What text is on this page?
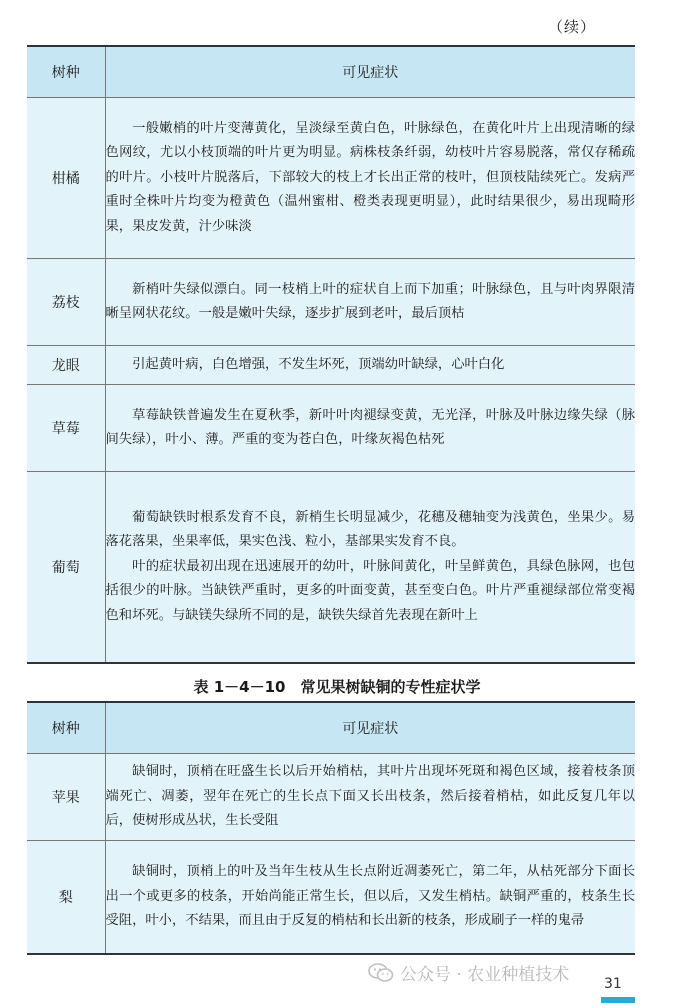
（续）
树种	可见症状
柑橘	一般嫩梢的叶片变薄黄化，呈淡绿至黄白色，叶脉绿色，在黄化叶片上出现清晰的绿色网纹，尤以小枝顶端的叶片更为明显。病株枝条纤弱，幼枝叶片容易脱落，常仅存稀疏的叶片。小枝叶片脱落后，下部较大的枝上才长出正常的枝叶，但顶枝陆续死亡。发病严重时全株叶片均变为橙黄色（温州蜜柑、橙类表现更明显），此时结果很少，易出现畸形果，果皮发黄，汁少味淡

荔枝	新梢叶失绿似漂白。同一枝梢上叶的症状自上而下加重；叶脉绿色，且与叶肉界限清晰呈网状花纹。一般是嫩叶失绿，逐步扩展到老叶，最后顶枯

龙眼	引起黄叶病，白色增强，不发生坏死，顶端幼叶缺绿，心叶白化

草莓	草莓缺铁普遍发生在夏秋季，新叶叶肉褪绿变黄，无光泽，叶脉及叶脉边缘失绿（脉间失绿），叶小、薄。严重的变为苍白色，叶缘灰褐色枯死

葡萄	葡萄缺铁时根系发育不良，新梢生长明显减少，花穗及穗轴变为浅黄色，坐果少。易落花落果，坐果率低，果实色浅、粒小，基部果实发育不良。

叶的症状最初出现在迅速展开的幼叶，叶脉间黄化，叶呈鲜黄色，具绿色脉网，也包括很少的叶脉。当缺铁严重时，更多的叶面变黄，甚至变白色。叶片严重褪绿部位常变褐色和坏死。与缺镁失绿所不同的是，缺铁失绿首先表现在新叶上

表 1－4－10　常见果树缺铜的专性症状学
树种	可见症状
苹果	缺铜时，顶梢在旺盛生长以后开始梢枯，其叶片出现坏死斑和褐色区域，接着枝条顶端死亡、凋萎，翌年在死亡的生长点下面又长出枝条，然后接着梢枯，如此反复几年以后，使树形成丛状，生长受阻

梨	缺铜时，顶梢上的叶及当年生枝从生长点附近凋萎死亡，第二年，从枯死部分下面长出一个或更多的枝条，开始尚能正常生长，但以后，又发生梢枯。缺铜严重的，枝条生长受阻，叶小，不结果，而且由于反复的梢枯和长出新的枝条，形成刷子一样的鬼帚

公众号 · 农业种植技术 31
